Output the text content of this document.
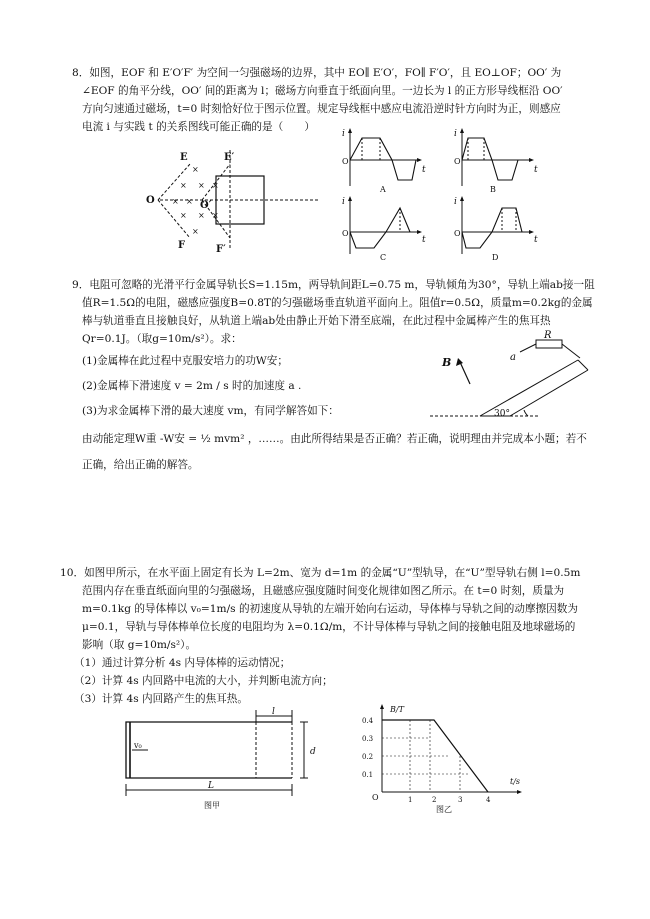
8．如图，EOF 和 E′O′F′ 为空间一匀强磁场的边界，其中 EO∥ E′O′，FO∥ F′O′，且 EO⊥OF；OO′ 为
∠EOF 的角平分线，OO′ 间的距离为 l；磁场方向垂直于纸面向里。一边长为 l 的正方形导线框沿 OO′
方向匀速通过磁场，t=0 时刻恰好位于图示位置。规定导线框中感应电流沿逆时针方向时为正，则感应
电流 i 与实践 t 的关系图线可能正确的是（　　）
E	E′
O	O′
F	F′
×
× × ×
× ×
× × ×
×
i
O
t
A
i
O
t
B
i
O
t
C
i
O
t
D
9．电阻可忽略的光滑平行金属导轨长S=1.15m，两导轨间距L=0.75 m，导轨倾角为30°，导轨上端ab接一阻
值R=1.5Ω的电阻，磁感应强度B=0.8T的匀强磁场垂直轨道平面向上。阻值r=0.5Ω，质量m=0.2kg的金属
棒与轨道垂直且接触良好，从轨道上端ab处由静止开始下滑至底端，在此过程中金属棒产生的焦耳热
Qr=0.1J。（取g=10m/s²）。求：
(1)金属棒在此过程中克服安培力的功W安；
(2)金属棒下滑速度 v = 2m / s 时的加速度 a .
(3)为求金属棒下滑的最大速度 vm，有同学解答如下：
B	a
R
30°
由动能定理W重 -W安 = ½ mvm² ，……。由此所得结果是否正确？若正确，说明理由并完成本小题；若不
正确，给出正确的解答。
10．如图甲所示，在水平面上固定有长为 L=2m、宽为 d=1m 的金属“U”型轨导，在“U”型导轨右侧 l=0.5m
范围内存在垂直纸面向里的匀强磁场，且磁感应强度随时间变化规律如图乙所示。在 t=0 时刻，质量为
m=0.1kg 的导体棒以 v₀=1m/s 的初速度从导轨的左端开始向右运动，导体棒与导轨之间的动摩擦因数为
μ=0.1，导轨与导体棒单位长度的电阻均为 λ=0.1Ω/m，不计导体棒与导轨之间的接触电阻及地球磁场的
影响（取 g=10m/s²）。
（1）通过计算分析 4s 内导体棒的运动情况；
（2）计算 4s 内回路中电流的大小，并判断电流方向；
（3）计算 4s 内回路产生的焦耳热。
l
v₀
d
L
图甲
B/T
t/s
O
0.4
0.3
0.2
0.1
1	2	3	4
图乙
